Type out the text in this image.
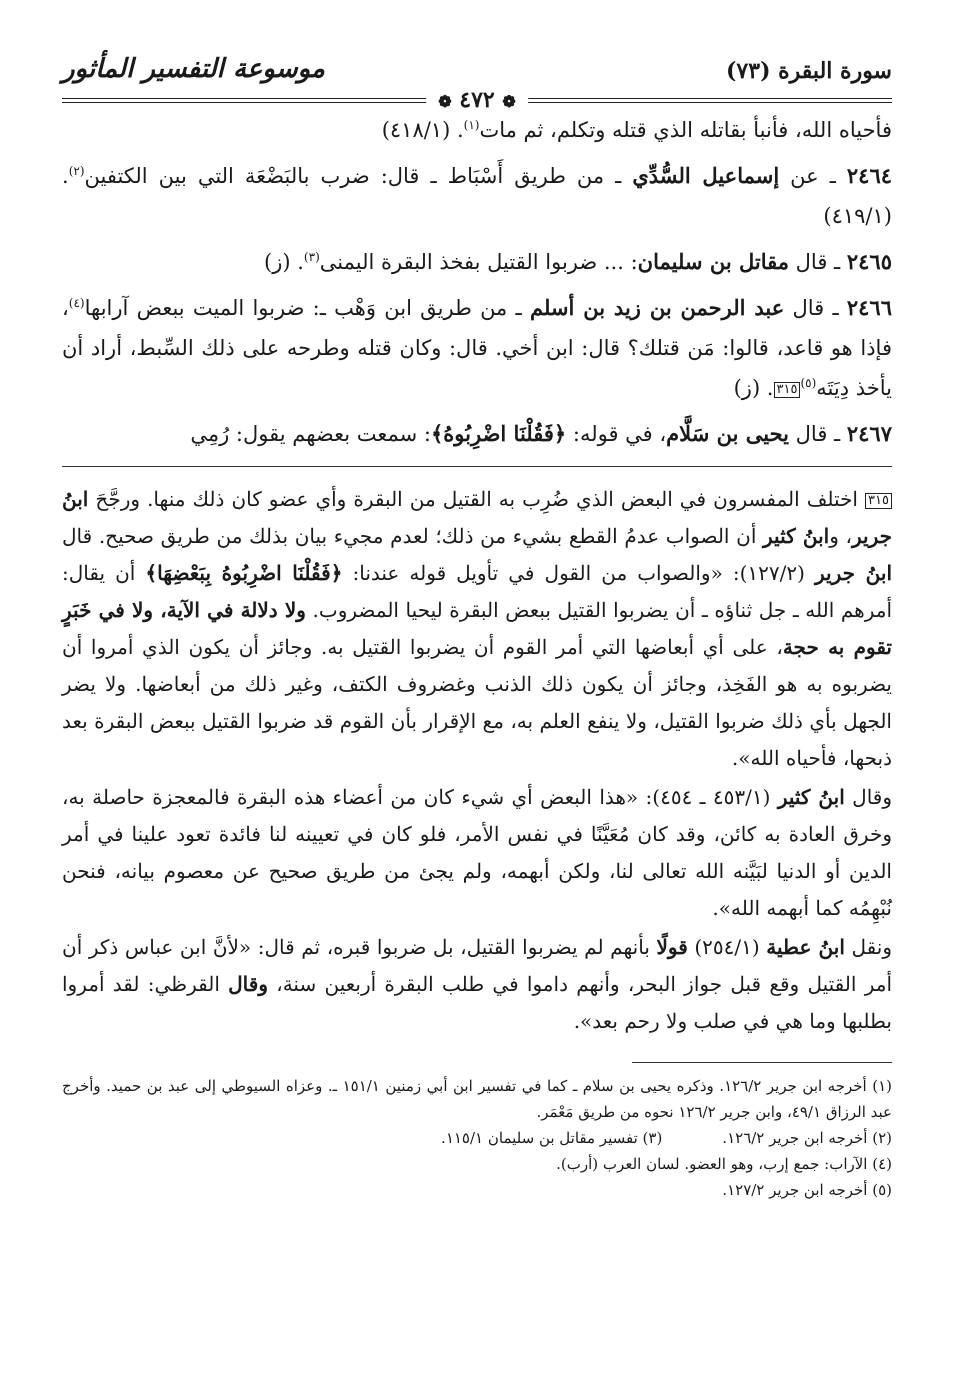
سورة البقرة (٧٣)
موسوعة التفسير المأثور
❁ ٤٧٢ ❁

فأحياه الله، فأنبأ بقاتله الذي قتله وتكلم، ثم مات$^{(١)}$. (٤١٨/١)

٢٤٦٤ ـ عن إسماعيل السُّدِّي ـ من طريق أَسْبَاط ـ قال: ضرب بالبَضْعَة التي بين الكتفين$^{(٢)}$. (٤١٩/١)

٢٤٦٥ ـ قال مقاتل بن سليمان: ... ضربوا القتيل بفخذ البقرة اليمنى$^{(٣)}$. (ز)

٢٤٦٦ ـ قال عبد الرحمن بن زيد بن أسلم ـ من طريق ابن وَهْب ـ: ضربوا الميت ببعض آرابها$^{(٤)}$، فإذا هو قاعد، قالوا: مَن قتلك؟ قال: ابن أخي. قال: وكان قتله وطرحه على ذلك السِّبط، أراد أن يأخذ دِيَتَه$^{(٥)}$٣١٥. (ز)

٢٤٦٧ ـ قال يحيى بن سَلَّام، في قوله: ﴿فَقُلْنَا اضْرِبُوهُ﴾: سمعت بعضهم يقول: رُمِي

٣١٥ اختلف المفسرون في البعض الذي ضُرِب به القتيل من البقرة وأي عضو كان ذلك منها. ورجَّحَ ابنُ جرير، وابنُ كثير أن الصواب عدمُ القطع بشيء من ذلك؛ لعدم مجيء بيان بذلك من طريق صحيح. قال ابنُ جرير (١٢٧/٢): «والصواب من القول في تأويل قوله عندنا: ﴿فَقُلْنَا اضْرِبُوهُ بِبَعْضِهَا﴾ أن يقال: أمرهم الله ـ جل ثناؤه ـ أن يضربوا القتيل ببعض البقرة ليحيا المضروب. ولا دلالة في الآية، ولا في خَبَرٍ تقوم به حجة، على أي أبعاضها التي أمر القوم أن يضربوا القتيل به. وجائز أن يكون الذي أمروا أن يضربوه به هو الفَخِذ، وجائز أن يكون ذلك الذنب وغضروف الكتف، وغير ذلك من أبعاضها. ولا يضر الجهل بأي ذلك ضربوا القتيل، ولا ينفع العلم به، مع الإقرار بأن القوم قد ضربوا القتيل ببعض البقرة بعد ذبحها، فأحياه الله».

وقال ابنُ كثير (٤٥٣/١ ـ ٤٥٤): «هذا البعض أي شيء كان من أعضاء هذه البقرة فالمعجزة حاصلة به، وخرق العادة به كائن، وقد كان مُعَيَّنًا في نفس الأمر، فلو كان في تعيينه لنا فائدة تعود علينا في أمر الدين أو الدنيا لبَيَّنه الله تعالى لنا، ولكن أبهمه، ولم يجئ من طريق صحيح عن معصوم بيانه، فنحن نُبْهِمُه كما أبهمه الله».

ونقل ابنُ عطية (٢٥٤/١) قولًا بأنهم لم يضربوا القتيل، بل ضربوا قبره، ثم قال: «لأنَّ ابن عباس ذكر أن أمر القتيل وقع قبل جواز البحر، وأنهم داموا في طلب البقرة أربعين سنة، وقال القرظي: لقد أمروا بطلبها وما هي في صلب ولا رحم بعد».

(١) أخرجه ابن جرير ١٢٦/٢. وذكره يحيى بن سلام ـ كما في تفسير ابن أبي زمنين ١٥١/١ ـ. وعزاه السيوطي إلى عبد بن حميد. وأخرج عبد الرزاق ٤٩/١، وابن جرير ١٢٦/٢ نحوه من طريق مَعْمَر.

(٢) أخرجه ابن جرير ١٢٦/٢.

(٣) تفسير مقاتل بن سليمان ١١٥/١.

(٤) الآراب: جمع إرب، وهو العضو. لسان العرب (أرب).

(٥) أخرجه ابن جرير ١٢٧/٢.
